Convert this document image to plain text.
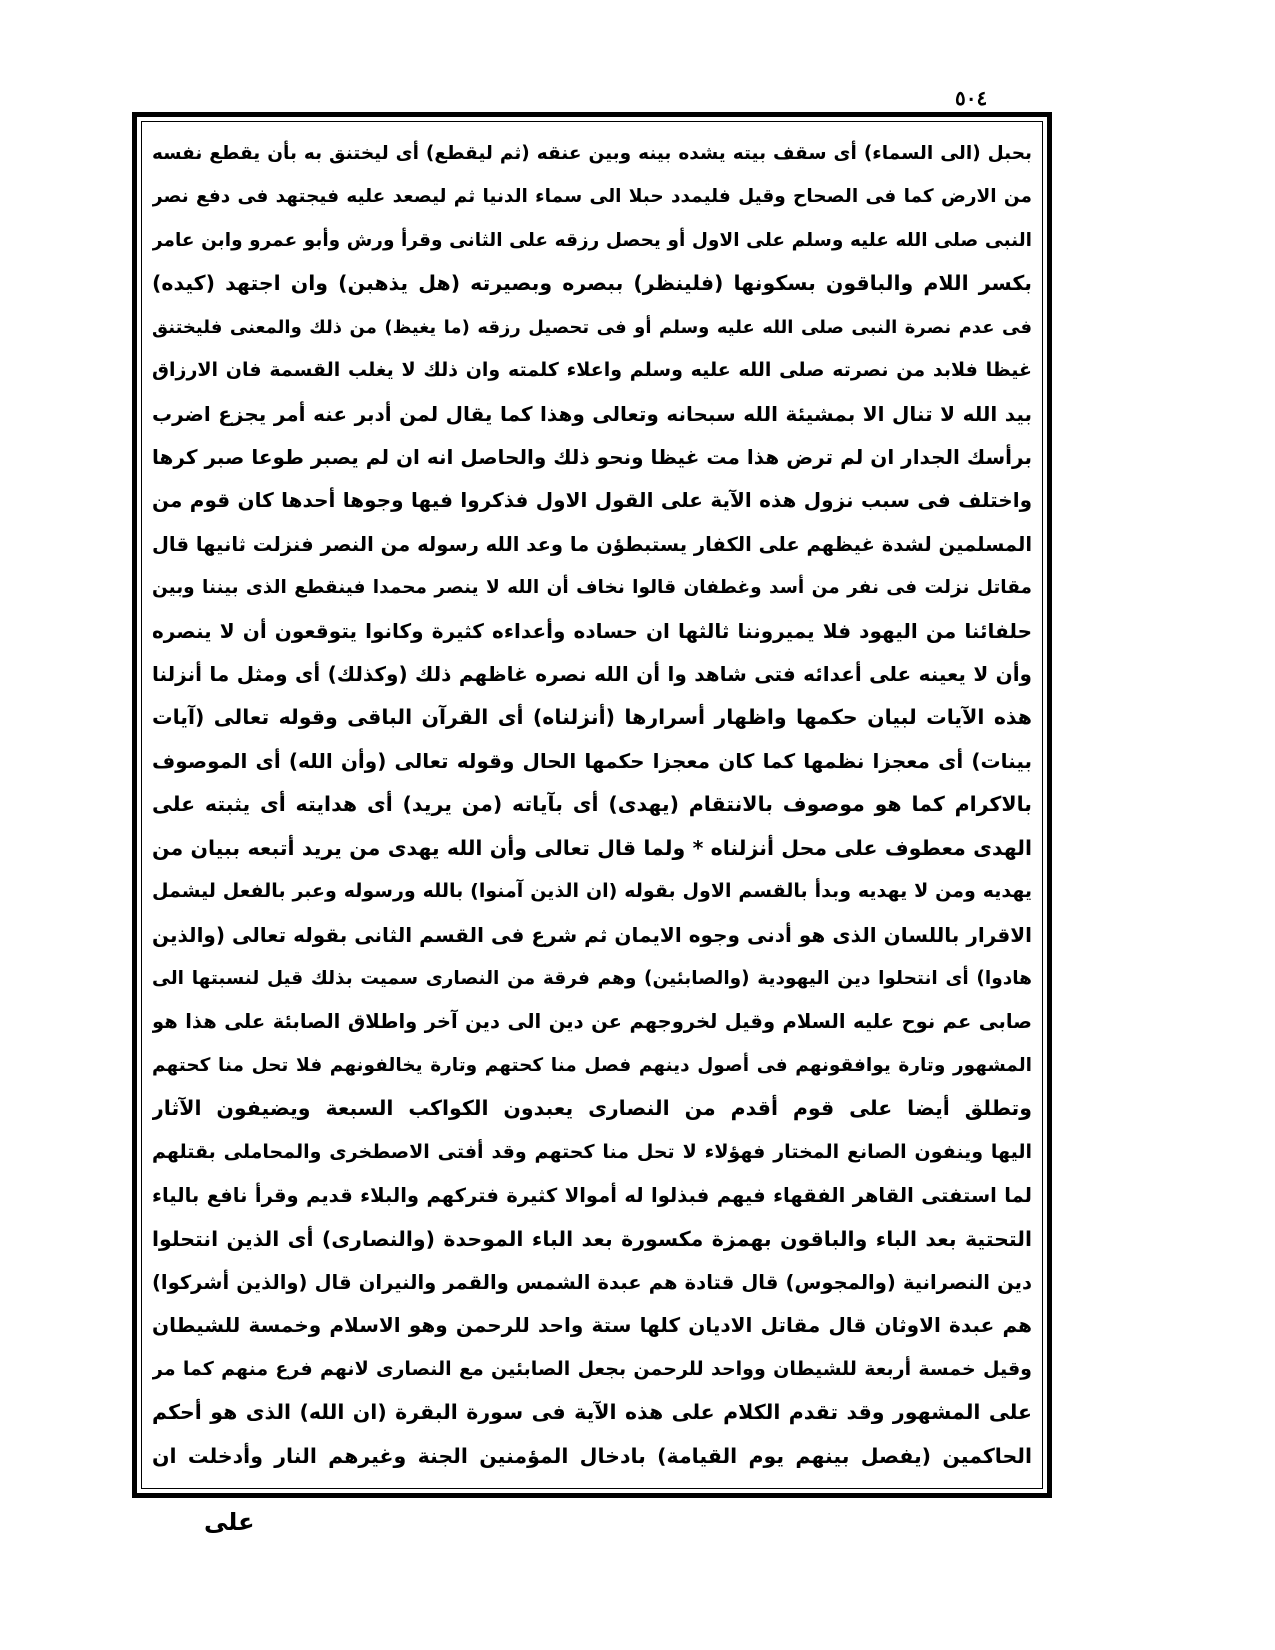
٥٠٤
بحبل (الى السماء) أى سقف بيته يشده بينه وبين عنقه (ثم ليقطع) أى ليختنق به بأن يقطع نفسه
من الارض كما فى الصحاح وقيل فليمدد حبلا الى سماء الدنيا ثم ليصعد عليه فيجتهد فى دفع نصر
النبى صلى الله عليه وسلم على الاول أو يحصل رزقه على الثانى وقرأ ورش وأبو عمرو وابن عامر
بكسر اللام والباقون بسكونها (فلينظر) ببصره وبصيرته (هل يذهبن) وان اجتهد (كيده)
فى عدم نصرة النبى صلى الله عليه وسلم أو فى تحصيل رزقه (ما يغيظ) من ذلك والمعنى فليختنق
غيظا فلابد من نصرته صلى الله عليه وسلم واعلاء كلمته وان ذلك لا يغلب القسمة فان الارزاق
بيد الله لا تنال الا بمشيئة الله سبحانه وتعالى وهذا كما يقال لمن أدبر عنه أمر يجزع اضرب
برأسك الجدار ان لم ترض هذا مت غيظا ونحو ذلك والحاصل انه ان لم يصبر طوعا صبر كرها
واختلف فى سبب نزول هذه الآية على القول الاول فذكروا فيها وجوها أحدها كان قوم من
المسلمين لشدة غيظهم على الكفار يستبطؤن ما وعد الله رسوله من النصر فنزلت ثانيها قال
مقاتل نزلت فى نفر من أسد وغطفان قالوا نخاف أن الله لا ينصر محمدا فينقطع الذى بيننا وبين
حلفائنا من اليهود فلا يميروننا ثالثها ان حساده وأعداءه كثيرة وكانوا يتوقعون أن لا ينصره
وأن لا يعينه على أعدائه فتى شاهد وا أن الله نصره غاظهم ذلك (وكذلك) أى ومثل ما أنزلنا
هذه الآيات لبيان حكمها واظهار أسرارها (أنزلناه) أى القرآن الباقى وقوله تعالى (آيات
بينات) أى معجزا نظمها كما كان معجزا حكمها الحال وقوله تعالى (وأن الله) أى الموصوف
بالاكرام كما هو موصوف بالانتقام (يهدى) أى بآياته (من يريد) أى هدايته أى يثبته على
الهدى معطوف على محل أنزلناه * ولما قال تعالى وأن الله يهدى من يريد أتبعه ببيان من
يهديه ومن لا يهديه وبدأ بالقسم الاول بقوله (ان الذين آمنوا) بالله ورسوله وعبر بالفعل ليشمل
الاقرار باللسان الذى هو أدنى وجوه الايمان ثم شرع فى القسم الثانى بقوله تعالى (والذين
هادوا) أى انتحلوا دين اليهودية (والصابئين) وهم فرقة من النصارى سميت بذلك قيل لنسبتها الى
صابى عم نوح عليه السلام وقيل لخروجهم عن دين الى دين آخر واطلاق الصابئة على هذا هو
المشهور وتارة يوافقونهم فى أصول دينهم فصل منا كحتهم وتارة يخالفونهم فلا تحل منا كحتهم
وتطلق أيضا على قوم أقدم من النصارى يعبدون الكواكب السبعة ويضيفون الآثار
اليها وينفون الصانع المختار فهؤلاء لا تحل منا كحتهم وقد أفتى الاصطخرى والمحاملى بقتلهم
لما استفتى القاهر الفقهاء فيهم فبذلوا له أموالا كثيرة فتركهم والبلاء قديم وقرأ نافع بالياء
التحتية بعد الباء والباقون بهمزة مكسورة بعد الباء الموحدة (والنصارى) أى الذين انتحلوا
دين النصرانية (والمجوس) قال قتادة هم عبدة الشمس والقمر والنيران قال (والذين أشركوا)
هم عبدة الاوثان قال مقاتل الاديان كلها ستة واحد للرحمن وهو الاسلام وخمسة للشيطان
وقيل خمسة أربعة للشيطان وواحد للرحمن بجعل الصابئين مع النصارى لانهم فرع منهم كما مر
على المشهور وقد تقدم الكلام على هذه الآية فى سورة البقرة (ان الله) الذى هو أحكم
الحاكمين (يفصل بينهم يوم القيامة) بادخال المؤمنين الجنة وغيرهم النار وأدخلت ان
على
